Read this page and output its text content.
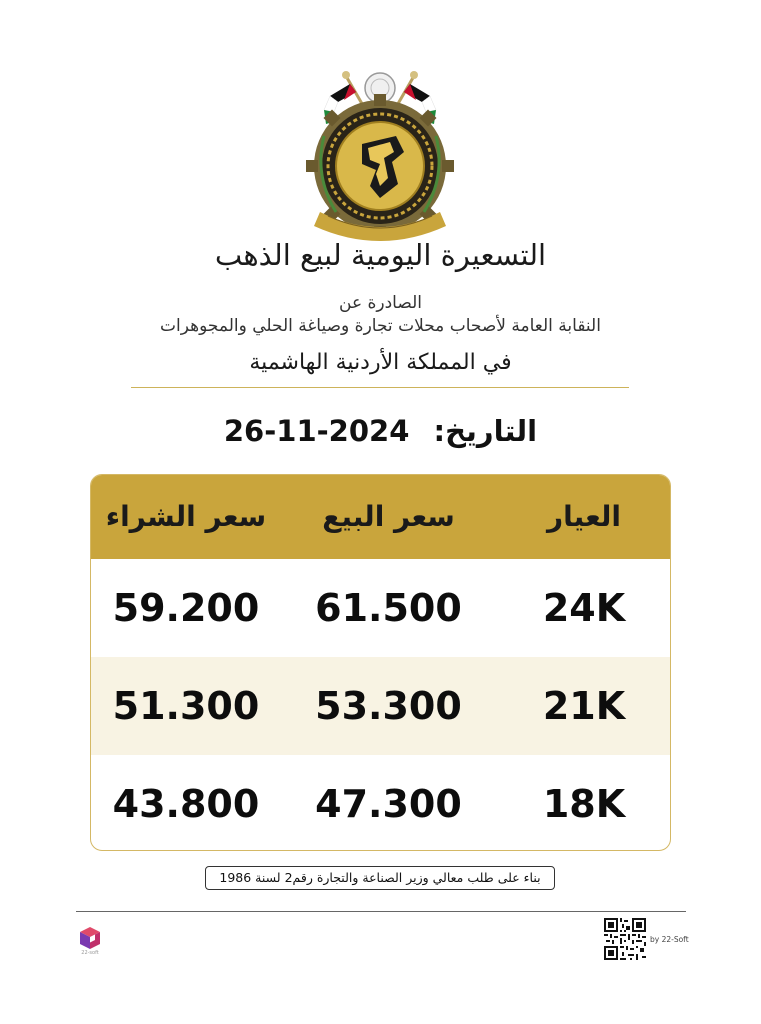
التسعيرة اليومية لبيع الذهب
الصادرة عن
النقابة العامة لأصحاب محلات تجارة وصياغة الحلي والمجوهرات
في المملكة الأردنية الهاشمية
التاريخ: 26-11-2024
سعر الشراء	سعر البيع	العيار
59.200	61.500	24K
51.300	53.300	21K
43.800	47.300	18K
بناء على طلب معالي وزير الصناعة والتجارة رقم2 لسنة 1986
22-soft
by 22-Soft
